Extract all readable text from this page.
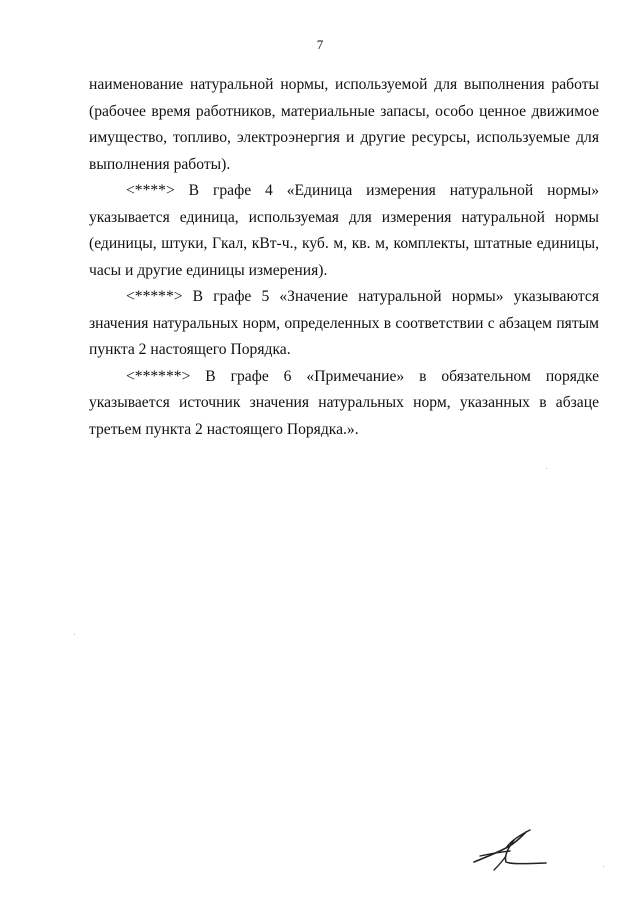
7

наименование натуральной нормы, используемой для выполнения работы (рабочее время работников, материальные запасы, особо ценное движимое имущество, топливо, электроэнергия и другие ресурсы, используемые для выполнения работы).

<****> В графе 4 «Единица измерения натуральной нормы» указывается единица, используемая для измерения натуральной нормы (единицы, штуки, Гкал, кВт-ч., куб. м, кв. м, комплекты, штатные единицы, часы и другие единицы измерения).

<*****> В графе 5 «Значение натуральной нормы» указываются значения натуральных норм, определенных в соответствии с абзацем пятым пункта 2 настоящего Порядка.

<******> В графе 6 «Примечание» в обязательном порядке указывается источник значения натуральных норм, указанных в абзаце третьем пункта 2 настоящего Порядка.».
